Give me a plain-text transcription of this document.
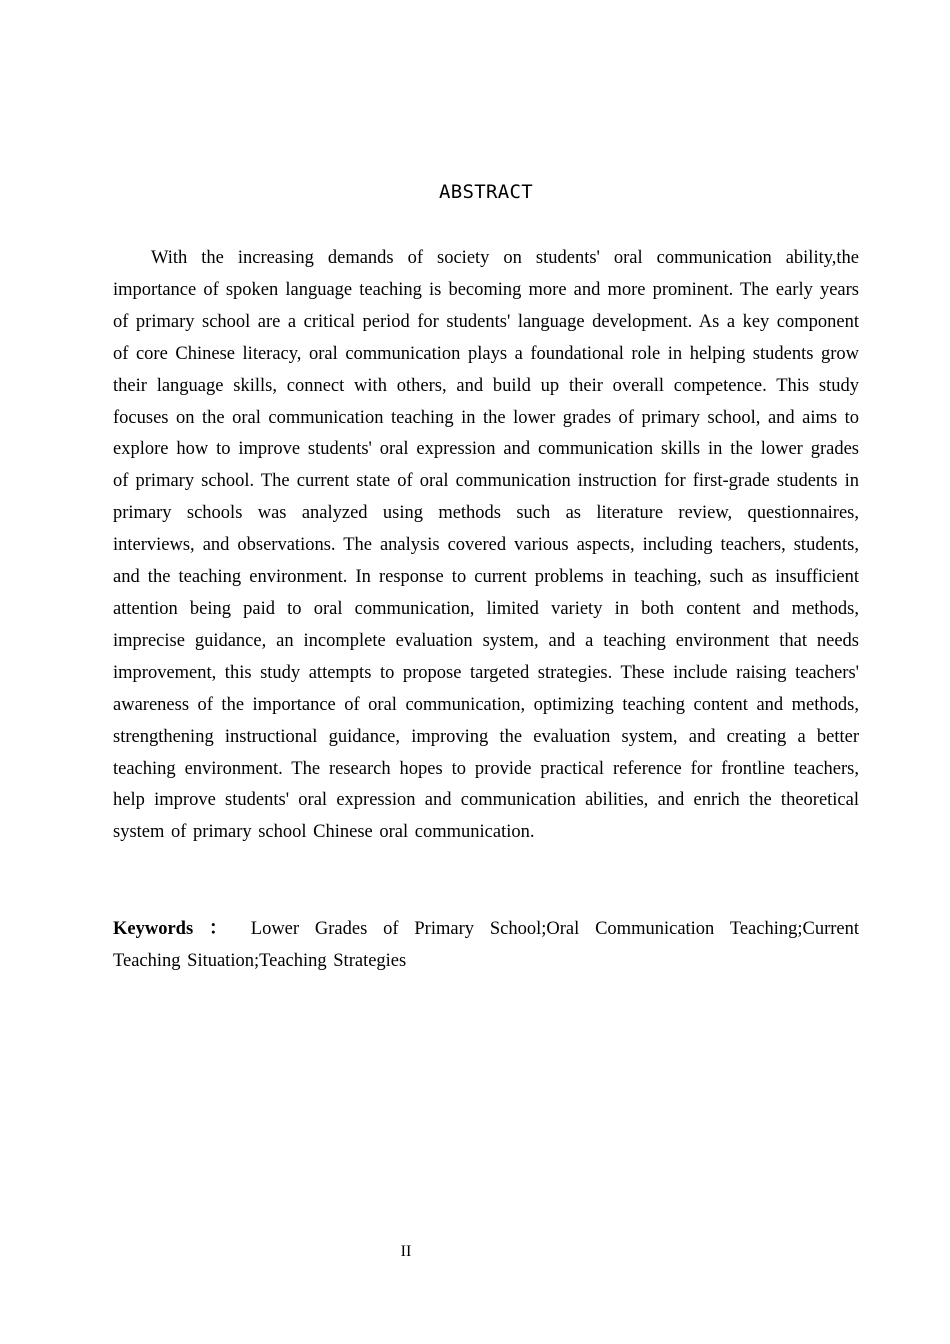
ABSTRACT

With the increasing demands of society on students' oral communication ability,the importance of spoken language teaching is becoming more and more prominent. The early years of primary school are a critical period for students' language development. As a key component of core Chinese literacy, oral communication plays a foundational role in helping students grow their language skills, connect with others, and build up their overall competence. This study focuses on the oral communication teaching in the lower grades of primary school, and aims to explore how to improve students' oral expression and communication skills in the lower grades of primary school. The current state of oral communication instruction for first-grade students in primary schools was analyzed using methods such as literature review, questionnaires, interviews, and observations. The analysis covered various aspects, including teachers, students, and the teaching environment. In response to current problems in teaching, such as insufficient attention being paid to oral communication, limited variety in both content and methods, imprecise guidance, an incomplete evaluation system, and a teaching environment that needs improvement, this study attempts to propose targeted strategies. These include raising teachers' awareness of the importance of oral communication, optimizing teaching content and methods, strengthening instructional guidance, improving the evaluation system, and creating a better teaching environment. The research hopes to provide practical reference for frontline teachers, help improve students' oral expression and communication abilities, and enrich the theoretical system of primary school Chinese oral communication.

Keywords ： Lower Grades of Primary School;Oral Communication Teaching;Current Teaching Situation;Teaching Strategies

II
